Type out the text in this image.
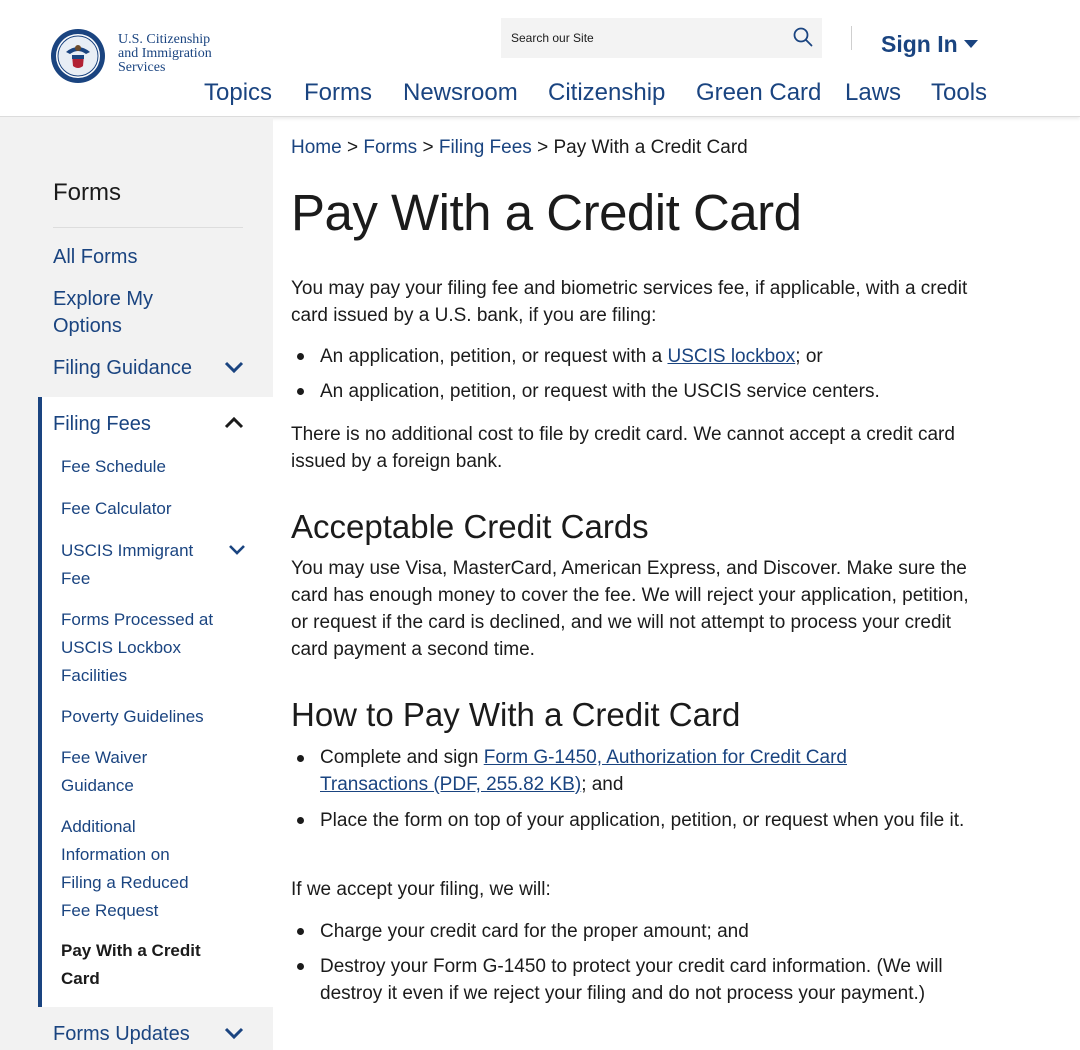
U.S. Citizenship
and Immigration
Services
Search our Site
Sign In
Topics Forms Newsroom Citizenship Green Card Laws Tools
Forms
All Forms
Explore My Options
Filing Guidance
Filing Fees
Fee Schedule
Fee Calculator
USCIS Immigrant Fee
Forms Processed at USCIS Lockbox Facilities
Poverty Guidelines
Fee Waiver Guidance
Additional Information on Filing a Reduced Fee Request
Pay With a Credit Card
Forms Updates
Home > Forms > Filing Fees > Pay With a Credit Card
Pay With a Credit Card
You may pay your filing fee and biometric services fee, if applicable, with a credit card issued by a U.S. bank, if you are filing:
An application, petition, or request with a USCIS lockbox; or
An application, petition, or request with the USCIS service centers.
There is no additional cost to file by credit card. We cannot accept a credit card issued by a foreign bank.
Acceptable Credit Cards
You may use Visa, MasterCard, American Express, and Discover. Make sure the card has enough money to cover the fee. We will reject your application, petition, or request if the card is declined, and we will not attempt to process your credit card payment a second time.
How to Pay With a Credit Card
Complete and sign Form G-1450, Authorization for Credit Card Transactions (PDF, 255.82 KB); and
Place the form on top of your application, petition, or request when you file it.
If we accept your filing, we will:
Charge your credit card for the proper amount; and
Destroy your Form G-1450 to protect your credit card information. (We will destroy it even if we reject your filing and do not process your payment.)
